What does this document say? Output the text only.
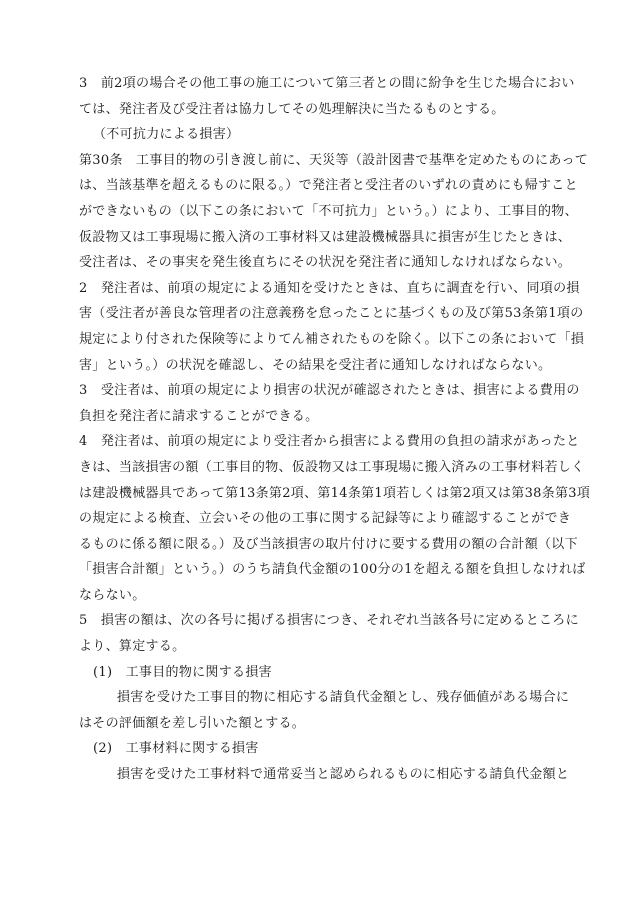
3　前2項の場合その他工事の施工について第三者との間に紛争を生じた場合におい
ては、発注者及び受注者は協力してその処理解決に当たるものとする。
（不可抗力による損害）
第30条　工事目的物の引き渡し前に、天災等（設計図書で基準を定めたものにあって
は、当該基準を超えるものに限る。）で発注者と受注者のいずれの責めにも帰すこと
ができないもの（以下この条において「不可抗力」という。）により、工事目的物、
仮設物又は工事現場に搬入済の工事材料又は建設機械器具に損害が生じたときは、
受注者は、その事実を発生後直ちにその状況を発注者に通知しなければならない。
2　発注者は、前項の規定による通知を受けたときは、直ちに調査を行い、同項の損
害（受注者が善良な管理者の注意義務を怠ったことに基づくもの及び第53条第1項の
規定により付された保険等によりてん補されたものを除く。以下この条において「損
害」という。）の状況を確認し、その結果を受注者に通知しなければならない。
3　受注者は、前項の規定により損害の状況が確認されたときは、損害による費用の
負担を発注者に請求することができる。
4　発注者は、前項の規定により受注者から損害による費用の負担の請求があったと
きは、当該損害の額（工事目的物、仮設物又は工事現場に搬入済みの工事材料若しく
は建設機械器具であって第13条第2項、第14条第1項若しくは第2項又は第38条第3項
の規定による検査、立会いその他の工事に関する記録等により確認することができ
るものに係る額に限る。）及び当該損害の取片付けに要する費用の額の合計額（以下
「損害合計額」という。）のうち請負代金額の100分の1を超える額を負担しなければ
ならない。
5　損害の額は、次の各号に掲げる損害につき、それぞれ当該各号に定めるところに
より、算定する。
(1)　工事目的物に関する損害
損害を受けた工事目的物に相応する請負代金額とし、残存価値がある場合に
はその評価額を差し引いた額とする。
(2)　工事材料に関する損害
損害を受けた工事材料で通常妥当と認められるものに相応する請負代金額と
